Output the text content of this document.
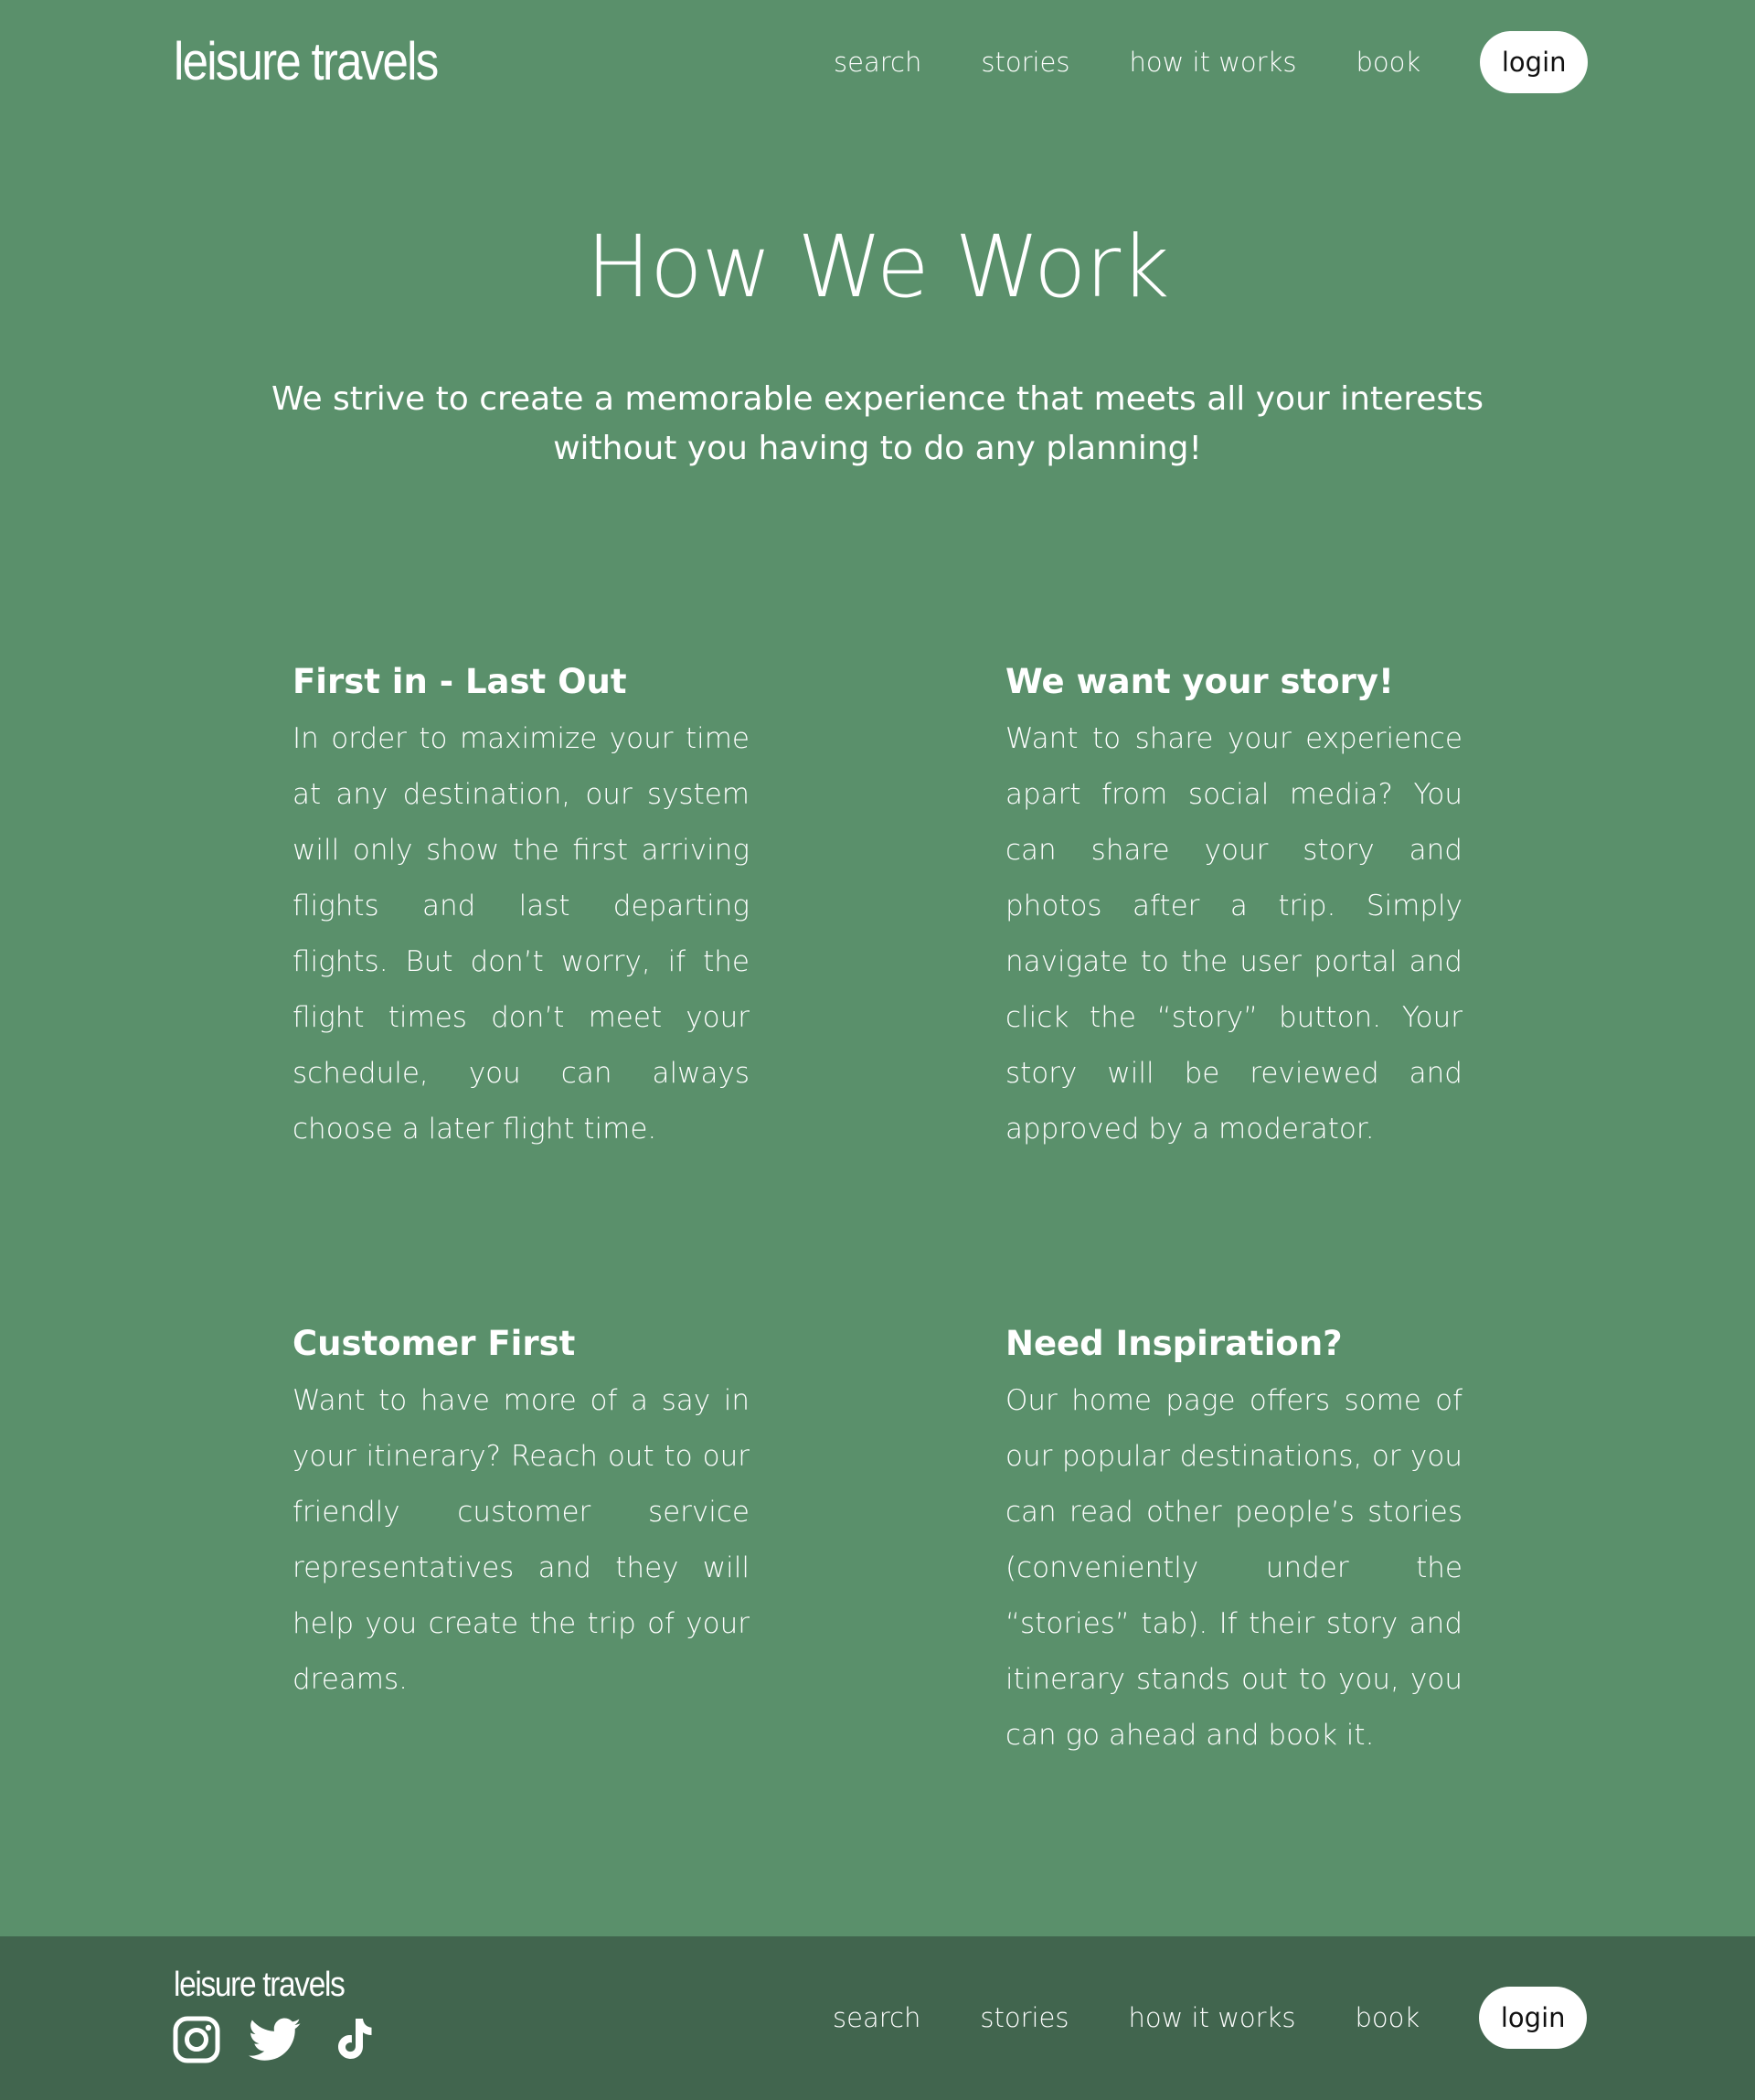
leisure travels	search stories how it works book	login
How We Work

We strive to create a memorable experience that meets all your interests without you having to do any planning!

First in - Last Out

In order to maximize your time at any destination, our system will only show the first arriving flights and last departing flights. But don’t worry, if the flight times don’t meet your schedule, you can always choose a later flight time.

We want your story!

Want to share your experience apart from social media? You can share your story and photos after a trip. Simply navigate to the user portal and click the “story” button. Your story will be reviewed and approved by a moderator.

Customer First

Want to have more of a say in your itinerary? Reach out to our friendly customer service representatives and they will help you create the trip of your dreams.

Need Inspiration?

Our home page offers some of our popular destinations, or you can read other people’s stories (conveniently under the “stories” tab). If their story and itinerary stands out to you, you can go ahead and book it.

leisure travels
search stories how it works book	login
